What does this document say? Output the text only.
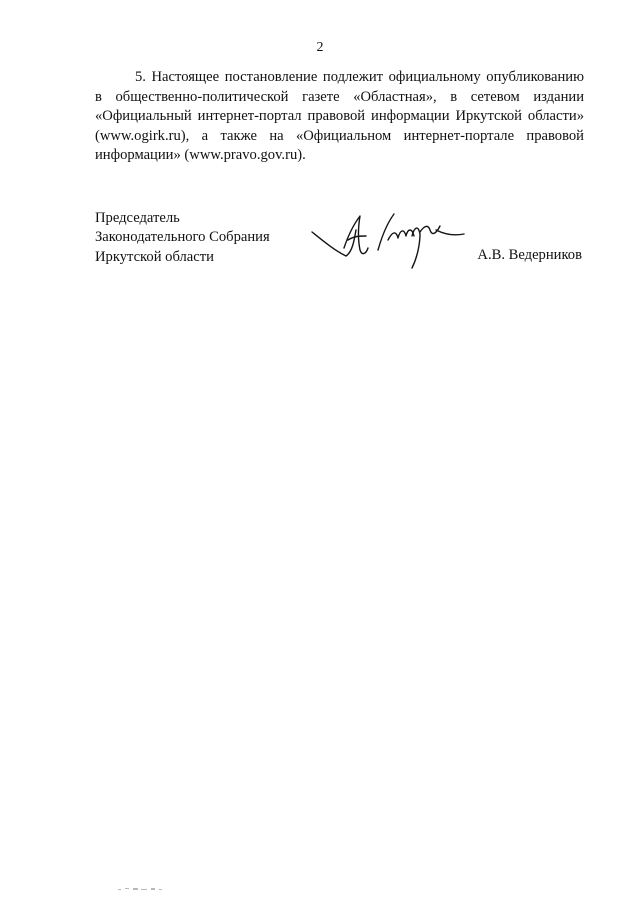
2

5. Настоящее постановление подлежит официальному опубликованию в общественно-политической газете «Областная», в сетевом издании «Официальный интернет-портал правовой информации Иркутской области» (www.ogirk.ru), а также на «Официальном интернет-портале правовой информации» (www.pravo.gov.ru).

Председатель
Законодательного Собрания
Иркутской области	А.В. Ведерников
